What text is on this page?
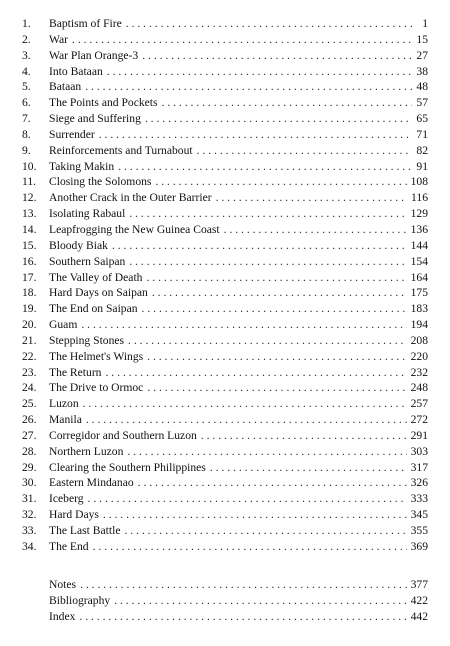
1.	Baptism of Fire . . .	1
2.	War . . .	15
3.	War Plan Orange-3 . . .	27
4.	Into Bataan . . .	38
5.	Bataan . . .	48
6.	The Points and Pockets . . .	57
7.	Siege and Suffering . . .	65
8.	Surrender . . .	71
9.	Reinforcements and Turnabout . . .	82
10.	Taking Makin . . .	91
11.	Closing the Solomons . . .	108
12.	Another Crack in the Outer Barrier . . .	116
13.	Isolating Rabaul . . .	129
14.	Leapfrogging the New Guinea Coast . . .	136
15.	Bloody Biak . . .	144
16.	Southern Saipan . . .	154
17.	The Valley of Death . . .	164
18.	Hard Days on Saipan . . .	175
19.	The End on Saipan . . .	183
20.	Guam . . .	194
21.	Stepping Stones . . .	208
22.	The Helmet's Wings . . .	220
23.	The Return . . .	232
24.	The Drive to Ormoc . . .	248
25.	Luzon . . .	257
26.	Manila . . .	272
27.	Corregidor and Southern Luzon . . .	291
28.	Northern Luzon . . .	303
29.	Clearing the Southern Philippines . . .	317
30.	Eastern Mindanao . . .	326
31.	Iceberg . . .	333
32.	Hard Days . . .	345
33.	The Last Battle . . .	355
34.	The End . . .	369
Notes . . .	377
Bibliography . . .	422
Index . . .	442
